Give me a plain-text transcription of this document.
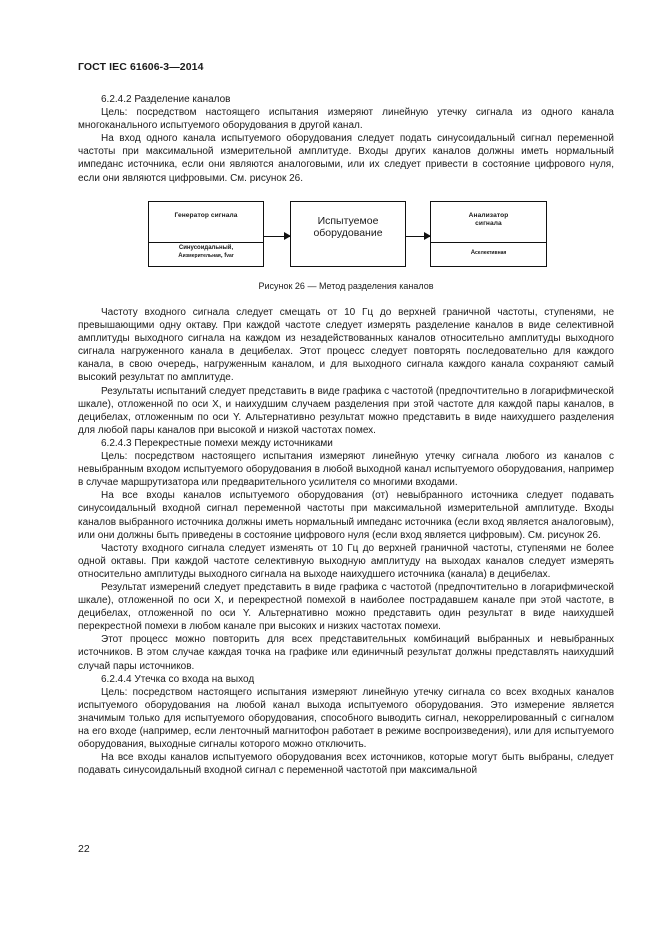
ГОСТ IEC 61606-3—2014

6.2.4.2 Разделение каналов

Цель: посредством настоящего испытания измеряют линейную утечку сигнала из одного канала многоканального испытуемого оборудования в другой канал.

На вход одного канала испытуемого оборудования следует подать синусоидальный сигнал переменной частоты при максимальной измерительной амплитуде. Входы других каналов должны иметь нормальный импеданс источника, если они являются аналоговыми, или их следует привести в состояние цифрового нуля, если они являются цифровыми. См. рисунок 26.

Генератор сигнала
Синусоидальный,
Aизмерительная, fvar
Испытуемое оборудование
Анализатор сигнала
Aселективная
Рисунок 26 — Метод разделения каналов

Частоту входного сигнала следует смещать от 10 Гц до верхней граничной частоты, ступенями, не превышающими одну октаву. При каждой частоте следует измерять разделение каналов в виде селективной амплитуды выходного сигнала на каждом из незадействованных каналов относительно амплитуды выходного сигнала нагруженного канала в децибелах. Этот процесс следует повторять последовательно для каждого канала, в свою очередь, нагруженным каналом, и для выходного сигнала каждого канала сохраняют самый высокий результат по амплитуде.

Результаты испытаний следует представить в виде графика с частотой (предпочтительно в логарифмической шкале), отложенной по оси X, и наихудшим случаем разделения при этой частоте для каждой пары каналов, в децибелах, отложенным по оси Y. Альтернативно результат можно представить в виде наихудшего разделения для любой пары каналов при высокой и низкой частотах помех.

6.2.4.3 Перекрестные помехи между источниками

Цель: посредством настоящего испытания измеряют линейную утечку сигнала любого из каналов с невыбранным входом испытуемого оборудования в любой выходной канал испытуемого оборудования, например в случае маршрутизатора или предварительного усилителя со многими входами.

На все входы каналов испытуемого оборудования (от) невыбранного источника следует подавать синусоидальный входной сигнал переменной частоты при максимальной измерительной амплитуде. Входы каналов выбранного источника должны иметь нормальный импеданс источника (если вход является аналоговым), или они должны быть приведены в состояние цифрового нуля (если вход является цифровым). См. рисунок 26.

Частоту входного сигнала следует изменять от 10 Гц до верхней граничной частоты, ступенями не более одной октавы. При каждой частоте селективную выходную амплитуду на выходах каналов следует измерять относительно амплитуды выходного сигнала на выходе наихудшего источника (канала) в децибелах.

Результат измерений следует представить в виде графика с частотой (предпочтительно в логарифмической шкале), отложенной по оси X, и перекрестной помехой в наиболее пострадавшем канале при этой частоте, в децибелах, отложенной по оси Y. Альтернативно можно представить один результат в виде наихудшей перекрестной помехи в любом канале при высоких и низких частотах помехи.

Этот процесс можно повторить для всех представительных комбинаций выбранных и невыбранных источников. В этом случае каждая точка на графике или единичный результат должны представлять наихудший случай пары источников.

6.2.4.4 Утечка со входа на выход

Цель: посредством настоящего испытания измеряют линейную утечку сигнала со всех входных каналов испытуемого оборудования на любой канал выхода испытуемого оборудования. Это измерение является значимым только для испытуемого оборудования, способного выводить сигнал, некоррелированный с сигналом на его входе (например, если ленточный магнитофон работает в режиме воспроизведения), или для испытуемого оборудования, выходные сигналы которого можно отключить.

На все входы каналов испытуемого оборудования всех источников, которые могут быть выбраны, следует подавать синусоидальный входной сигнал с переменной частотой при максимальной

22
